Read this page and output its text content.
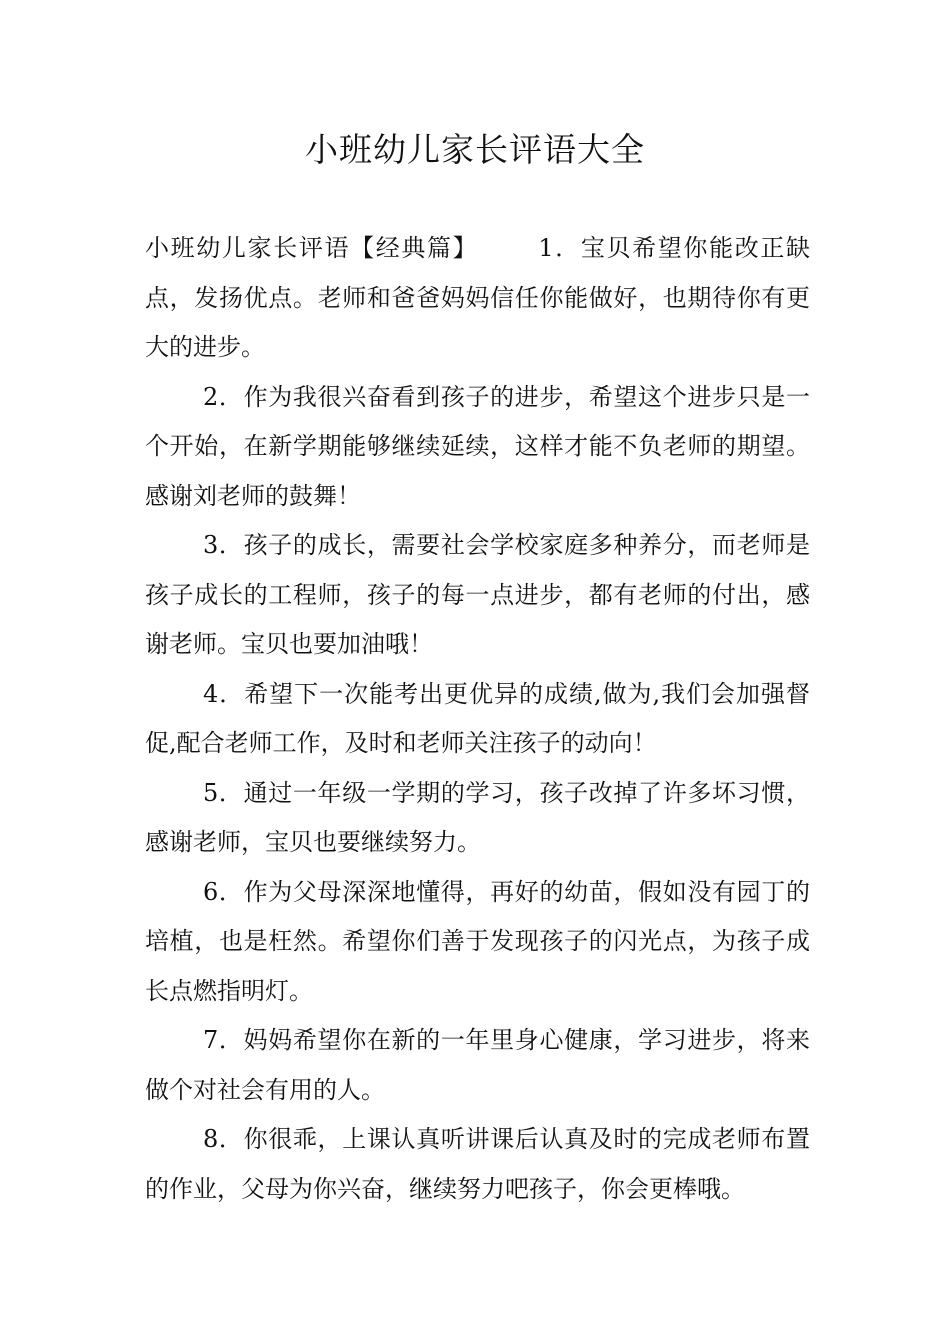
小班幼儿家长评语大全

小班幼儿家长评语【经典篇】	1．宝贝希望你能改正缺点，发扬优点。老师和爸爸妈妈信任你能做好，也期待你有更大的进步。

2．作为我很兴奋看到孩子的进步，希望这个进步只是一个开始，在新学期能够继续延续，这样才能不负老师的期望。感谢刘老师的鼓舞！

3．孩子的成长，需要社会学校家庭多种养分，而老师是孩子成长的工程师，孩子的每一点进步，都有老师的付出，感谢老师。宝贝也要加油哦！

4．希望下一次能考出更优异的成绩,做为,我们会加强督促,配合老师工作，及时和老师关注孩子的动向！

5．通过一年级一学期的学习，孩子改掉了许多坏习惯，感谢老师，宝贝也要继续努力。

6．作为父母深深地懂得，再好的幼苗，假如没有园丁的培植，也是枉然。希望你们善于发现孩子的闪光点，为孩子成长点燃指明灯。

7．妈妈希望你在新的一年里身心健康，学习进步，将来做个对社会有用的人。

8．你很乖，上课认真听讲课后认真及时的完成老师布置的作业，父母为你兴奋，继续努力吧孩子，你会更棒哦。
